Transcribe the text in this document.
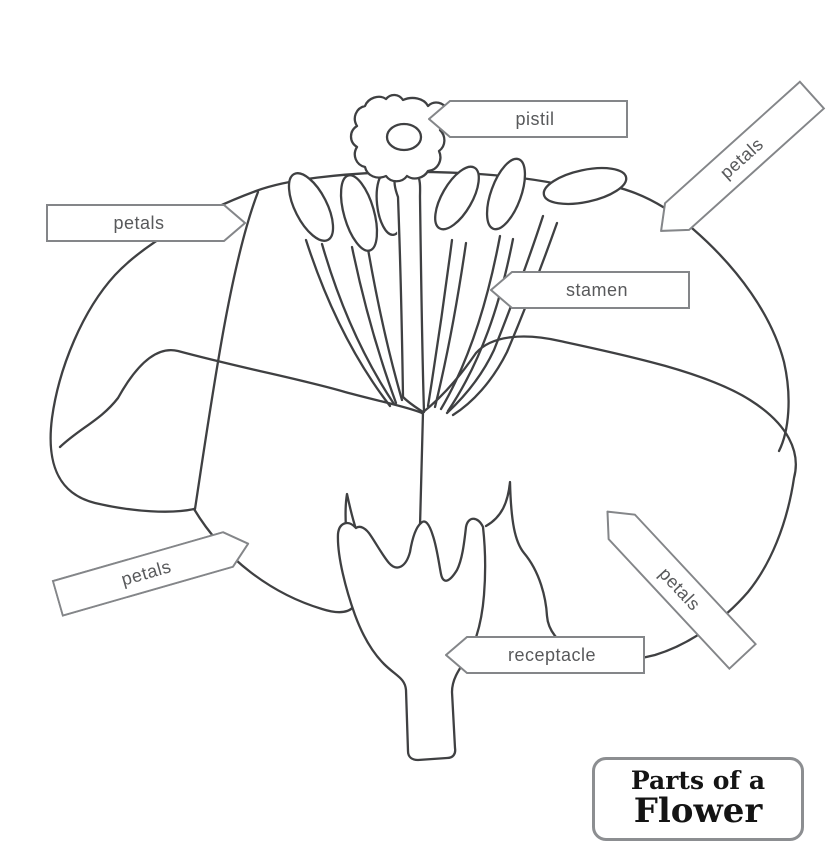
pistil
petals
petals
stamen
petals	petals
receptacle
Parts of a
Flower
